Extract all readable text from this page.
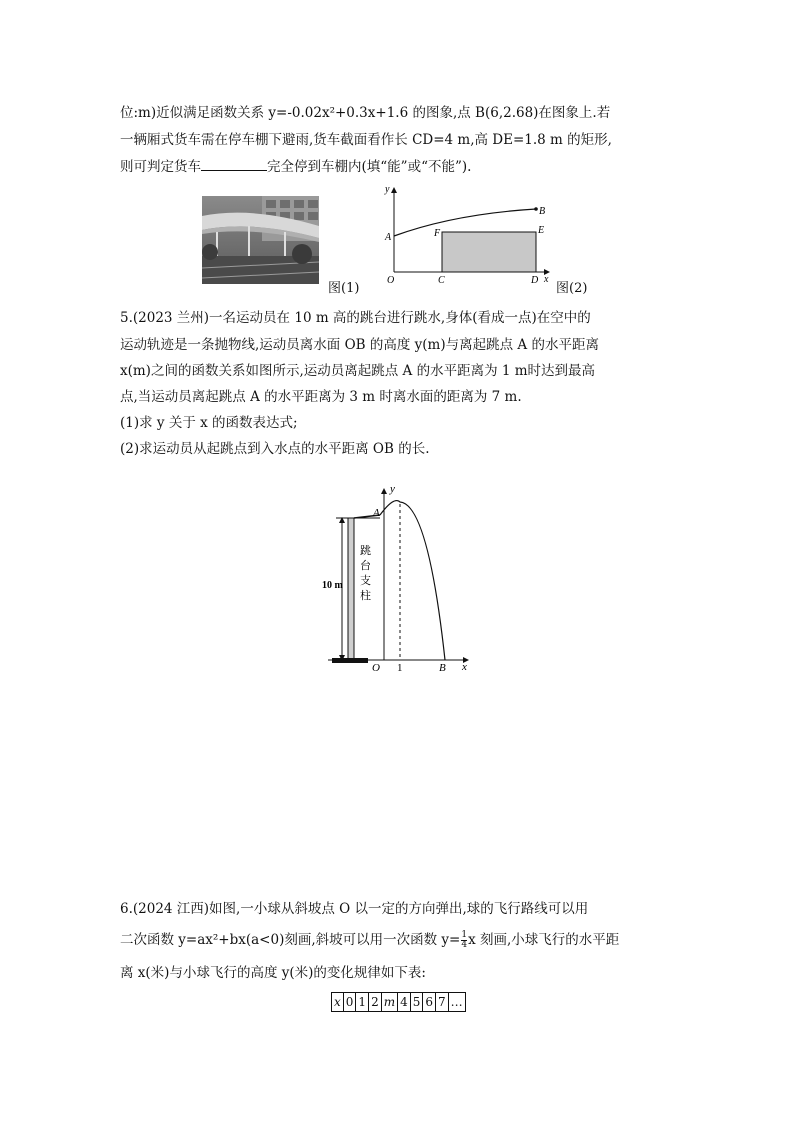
位:m)近似满足函数关系 y=-0.02x²+0.3x+1.6 的图象,点 B(6,2.68)在图象上.若
一辆厢式货车需在停车棚下避雨,货车截面看作长 CD=4 m,高 DE=1.8 m 的矩形,
则可判定货车	完全停到车棚内(填“能”或“不能”).
图(1)
y
x
A
B
F	E
O	C	D
图(2)
5.(2023 兰州)一名运动员在 10 m 高的跳台进行跳水,身体(看成一点)在空中的
运动轨迹是一条抛物线,运动员离水面 OB 的高度 y(m)与离起跳点 A 的水平距离
x(m)之间的函数关系如图所示,运动员离起跳点 A 的水平距离为 1 m时达到最高
点,当运动员离起跳点 A 的水平距离为 3 m 时离水面的距离为 7 m.
(1)求 y 关于 x 的函数表达式;
(2)求运动员从起跳点到入水点的水平距离 OB 的长.
y
x
A
10 m
跳
台
支
柱
O 1	B
6.(2024 江西)如图,一小球从斜坡点 O 以一定的方向弹出,球的飞行路线可以用
二次函数 y=ax²+bx(a<0)刻画,斜坡可以用一次函数 $y= \frac{1}{4}$ x 刻画,小球飞行的水平距
离 x(米)与小球飞行的高度 y(米)的变化规律如下表:
x	0	1	2	m	4	5	6	7	…
